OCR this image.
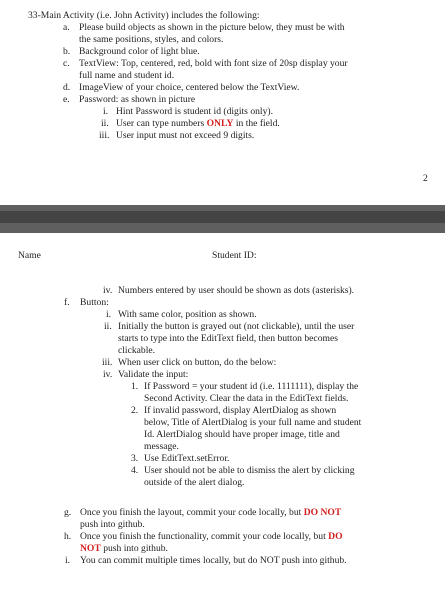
33-Main Activity (i.e. John Activity) includes the following:
a. Please build objects as shown in the picture below, they must be with
the same positions, styles, and colors.
b. Background color of light blue.
c. TextView: Top, centered, red, bold with font size of 20sp display your
full name and student id.
d. ImageView of your choice, centered below the TextView.
e. Password: as shown in picture
i. Hint Password is student id (digits only).
ii. User can type numbers ONLY in the field.
iii. User input must not exceed 9 digits.
2
Name	Student ID:
iv. Numbers entered by user should be shown as dots (asterisks).
f. Button:
i. With same color, position as shown.
ii. Initially the button is grayed out (not clickable), until the user
starts to type into the EditText field, then button becomes
clickable.
iii. When user click on button, do the below:
iv. Validate the input:
1. If Password = your student id (i.e. 1111111), display the
Second Activity. Clear the data in the EditText fields.
2. If invalid password, display AlertDialog as shown
below, Title of AlertDialog is your full name and student
Id. AlertDialog should have proper image, title and
message.
3. Use EditText.setError.
4. User should not be able to dismiss the alert by clicking
outside of the alert dialog.
g. Once you finish the layout, commit your code locally, but DO NOT
push into github.
h. Once you finish the functionality, commit your code locally, but DO
NOT push into github.
i. You can commit multiple times locally, but do NOT push into github.
